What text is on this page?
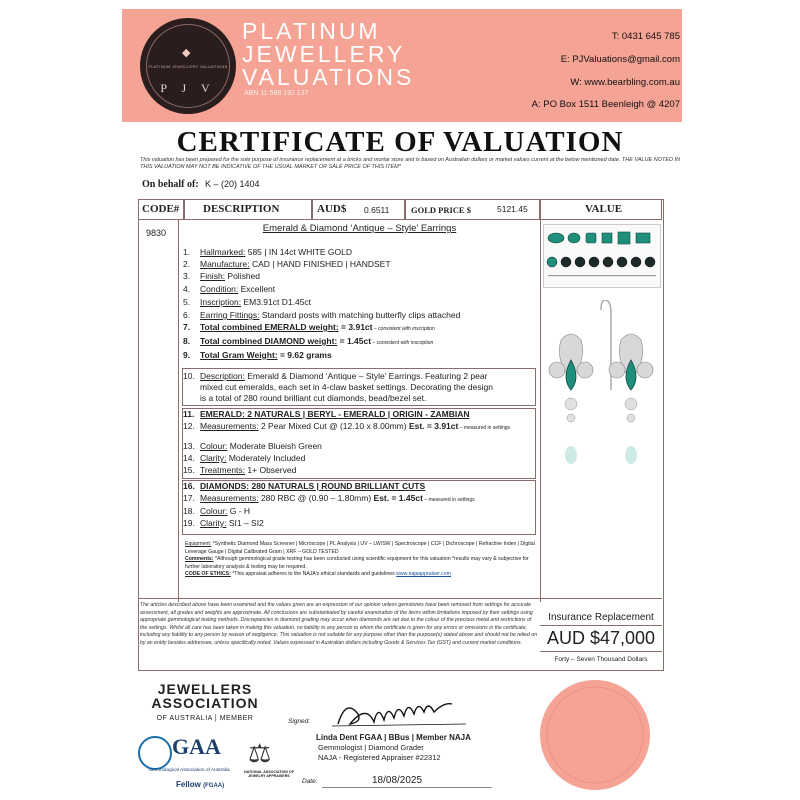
◆
PLATINUM JEWELLERY VALUATIONS
P J V
PLATINUM
JEWELLERY
VALUATIONS
ABN 11 588 192 137
T: 0431 645 785
E: PJValuations@gmail.com
W: www.bearbling.com.au
A: PO Box 1511 Beenleigh @ 4207
CERTIFICATE OF VALUATION
This valuation has been prepared for the sole purpose of insurance replacement at a bricks and mortar store and is based on Australian dollars or market values current at the below mentioned date. THE VALUE NOTED IN THIS VALUATION MAY NOT BE INDICATIVE OF THE USUAL MARKET OR SALE PRICE OF THIS ITEM*
On behalf of: K – (20) 1404
CODE# DESCRIPTION	AUD$ 0.6511	GOLD PRICE $	5121.45	VALUE
9830	Emerald & Diamond ‘Antique – Style’ Earrings
1. Hallmarked: 585 | IN 14ct WHITE GOLD
2. Manufacture: CAD | HAND FINISHED | HANDSET
3. Finish: Polished
4. Condition: Excellent
5. Inscription: EM3.91ct D1.45ct
6. Earring Fittings: Standard posts with matching butterfly clips attached
7. Total combined EMERALD weight: = 3.91ct – consistent with inscription
8. Total combined DIAMOND weight: = 1.45ct – consistent with inscription
9. Total Gram Weight: = 9.62 grams
10. Description: Emerald & Diamond ‘Antique – Style’ Earrings. Featuring 2 pear
mixed cut emeralds, each set in 4-claw basket settings. Decorating the design
is a total of 280 round brilliant cut diamonds, bead/bezel set.
11. EMERALD: 2 NATURALS | BERYL - EMERALD | ORIGIN - ZAMBIAN
12. Measurements: 2 Pear Mixed Cut @ (12.10 x 8.00mm) Est. = 3.91ct – measured in settings
13. Colour: Moderate Blueish Green
14. Clarity: Moderately Included
15. Treatments: 1+ Observed
16. DIAMONDS: 280 NATURALS | ROUND BRILLIANT CUTS
17. Measurements: 280 RBC @ (0.90 – 1.80mm) Est. = 1.45ct – measured in settings
18. Colour: G - H
19. Clarity: SI1 – SI2
Equipment: *Synthetic Diamond Mass Screener | Microscope | PL Analysis | UV – LW/SW | Spectroscope | CCF | Dichroscope | Refractive Index | Digital Leverage Gauge | Digital Calibrated Gram | XRF – GOLD TESTED
Comments: *Although gemmological grade testing has been conducted using scientific equipment for this valuation *results may vary & subjective for further laboratory analysis & testing may be required.
CODE OF ETHICS: *This appraisal adheres to the NAJA’s ethical standards and guidelines www.najaappraiser.com
The articles described above have been examined and the values given are an expression of our opinion unless gemstones have been removed from settings for accurate assessment, all grades and weights are approximate. All conclusions are substantiated by careful examination of the items within limitations imposed by their settings using appropriate gemmological testing methods. Discrepancies in diamond grading may occur when diamonds are set due to the colour of the precious metal and restrictions of the settings. Whilst all care has been taken in making this valuation, no liability to any person to whom the certificate is given for any errors or omissions in the certificate, including any liability to any person by reason of negligence. This valuation is not suitable for any purpose other than the purpose(s) stated above and should not be relied on by an entity besides addressee, unless specifically noted. Values expressed in Australian dollars including Goods & Services Tax (GST) and current market conditions.
Insurance Replacement
AUD $47,000
Forty – Seven Thousand Dollars
JEWELLERS
ASSOCIATION
OF AUSTRALIA | MEMBER
GAA
Gemmological Association of Australia
Fellow (FGAA)
⚖
NATIONAL ASSOCIATION OF JEWELRY APPRAISERS
Signed:
Linda Dent FGAA | BBus | Member NAJA
Gemmologist | Diamond Grader
NAJA - Registered Appraiser #22312
Date:	18/08/2025
